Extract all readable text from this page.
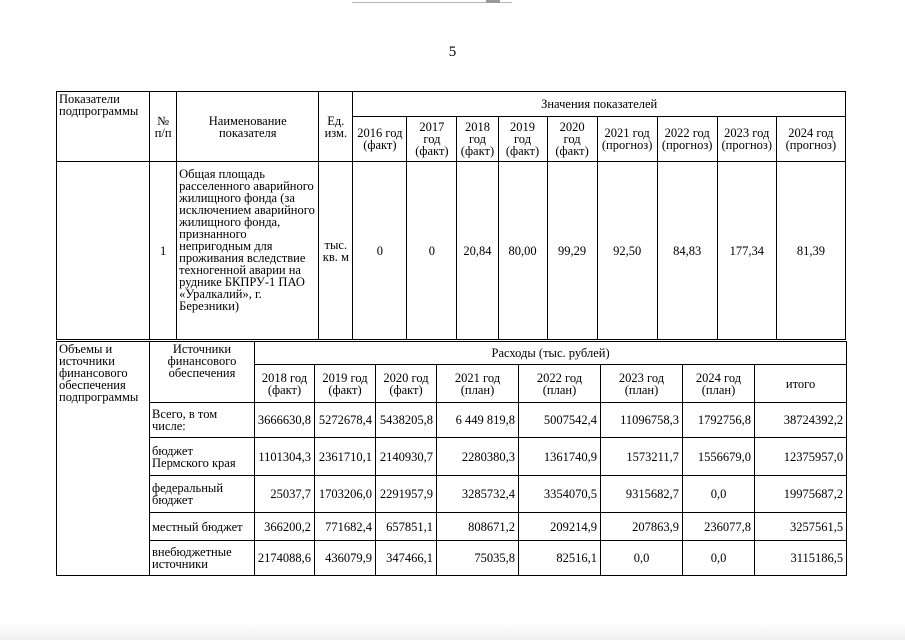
5
Показатели подпрограммы	№ п/п	Наименование показателя	Ед. изм.	Значения показателей								
				2016 год (факт)	2017 год (факт)	2018 год (факт)	2019 год (факт)	2020 год (факт)	2021 год (прогноз)	2022 год (прогноз)	2023 год (прогноз)	2024 год (прогноз)
	1	Общая площадь расселенного аварийного жилищного фонда (за исключением аварийного жилищного фонда, признанного непригодным для проживания вследствие техногенной аварии на руднике БКПРУ-1 ПАО «Уралкалий», г. Березники)	тыс. кв. м	0	0	20,84	80,00	99,29	92,50	84,83	177,34	81,39
Объемы и источники финансового обеспечения подпрограммы	Источники финансового обеспечения	Расходы (тыс. рублей)							
		2018 год (факт)	2019 год (факт)	2020 год (факт)	2021 год (план)	2022 год (план)	2023 год (план)	2024 год (план)	итого
	Всего, в том числе:	3666630,8	5272678,4	5438205,8	6 449 819,8	5007542,4	11096758,3	1792756,8	38724392,2
	бюджет Пермского края	1101304,3	2361710,1	2140930,7	2280380,3	1361740,9	1573211,7	1556679,0	12375957,0
	федеральный бюджет	25037,7	1703206,0	2291957,9	3285732,4	3354070,5	9315682,7	0,0	19975687,2
	местный бюджет	366200,2	771682,4	657851,1	808671,2	209214,9	207863,9	236077,8	3257561,5
	внебюджетные источники	2174088,6	436079,9	347466,1	75035,8	82516,1	0,0	0,0	3115186,5
